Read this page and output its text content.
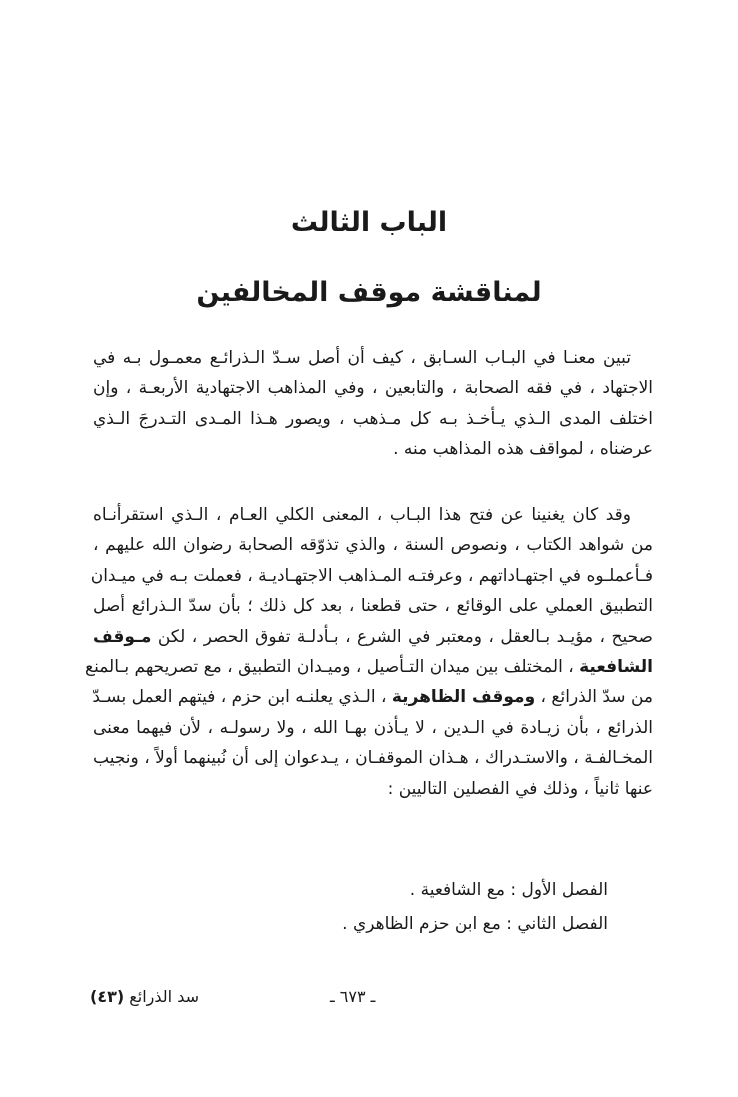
الباب الثالث
لمناقشة موقف المخالفين
تبين معنـا في البـاب السـابق ، كيف أن أصل سـدّ الـذرائـع معمـول بـه في
الاجتهاد ، في فقه الصحابة ، والتابعين ، وفي المذاهب الاجتهادية الأربعـة ، وإن
اختلف المدى الـذي يـأخـذ بـه كل مـذهب ، ويصور هـذا المـدى التـدرجَ الـذي
عرضناه ، لمواقف هذه المذاهب منه .
وقد كان يغنينا عن فتح هذا البـاب ، المعنى الكلي العـام ، الـذي استقرأنـاه
من شواهد الكتاب ، ونصوص السنة ، والذي تذوّقه الصحابة رضوان الله عليهم ،
فـأعملـوه في اجتهـاداتهم ، وعرفتـه المـذاهب الاجتهـاديـة ، فعملت بـه في ميـدان
التطبيق العملي على الوقائع ، حتى قطعنا ، بعد كل ذلك ؛ بأن سدّ الـذرائع أصل
صحيح ، مؤيـد بـالعقل ، ومعتبر في الشرع ، بـأدلـة تفوق الحصر ، لكن مـوقف
الشافعية ، المختلف بين ميدان التـأصيل ، وميـدان التطبيق ، مع تصريحهم بـالمنع
من سدّ الذرائع ، وموقف الظاهرية ، الـذي يعلنـه ابن حزم ، فيتهم العمل بسـدّ
الذرائع ، بأن زيـادة في الـدين ، لا يـأذن بهـا الله ، ولا رسولـه ، لأن فيهما معنى
المخـالفـة ، والاستـدراك ، هـذان الموقفـان ، يـدعوان إلى أن نُبينهما أولاً ، ونجيب
عنها ثانياً ، وذلك في الفصلين التاليين :
الفصل الأول : مع الشافعية .
الفصل الثاني : مع ابن حزم الظاهري .
سد الذرائع (٤٣)	ـ ٦٧٣ ـ
